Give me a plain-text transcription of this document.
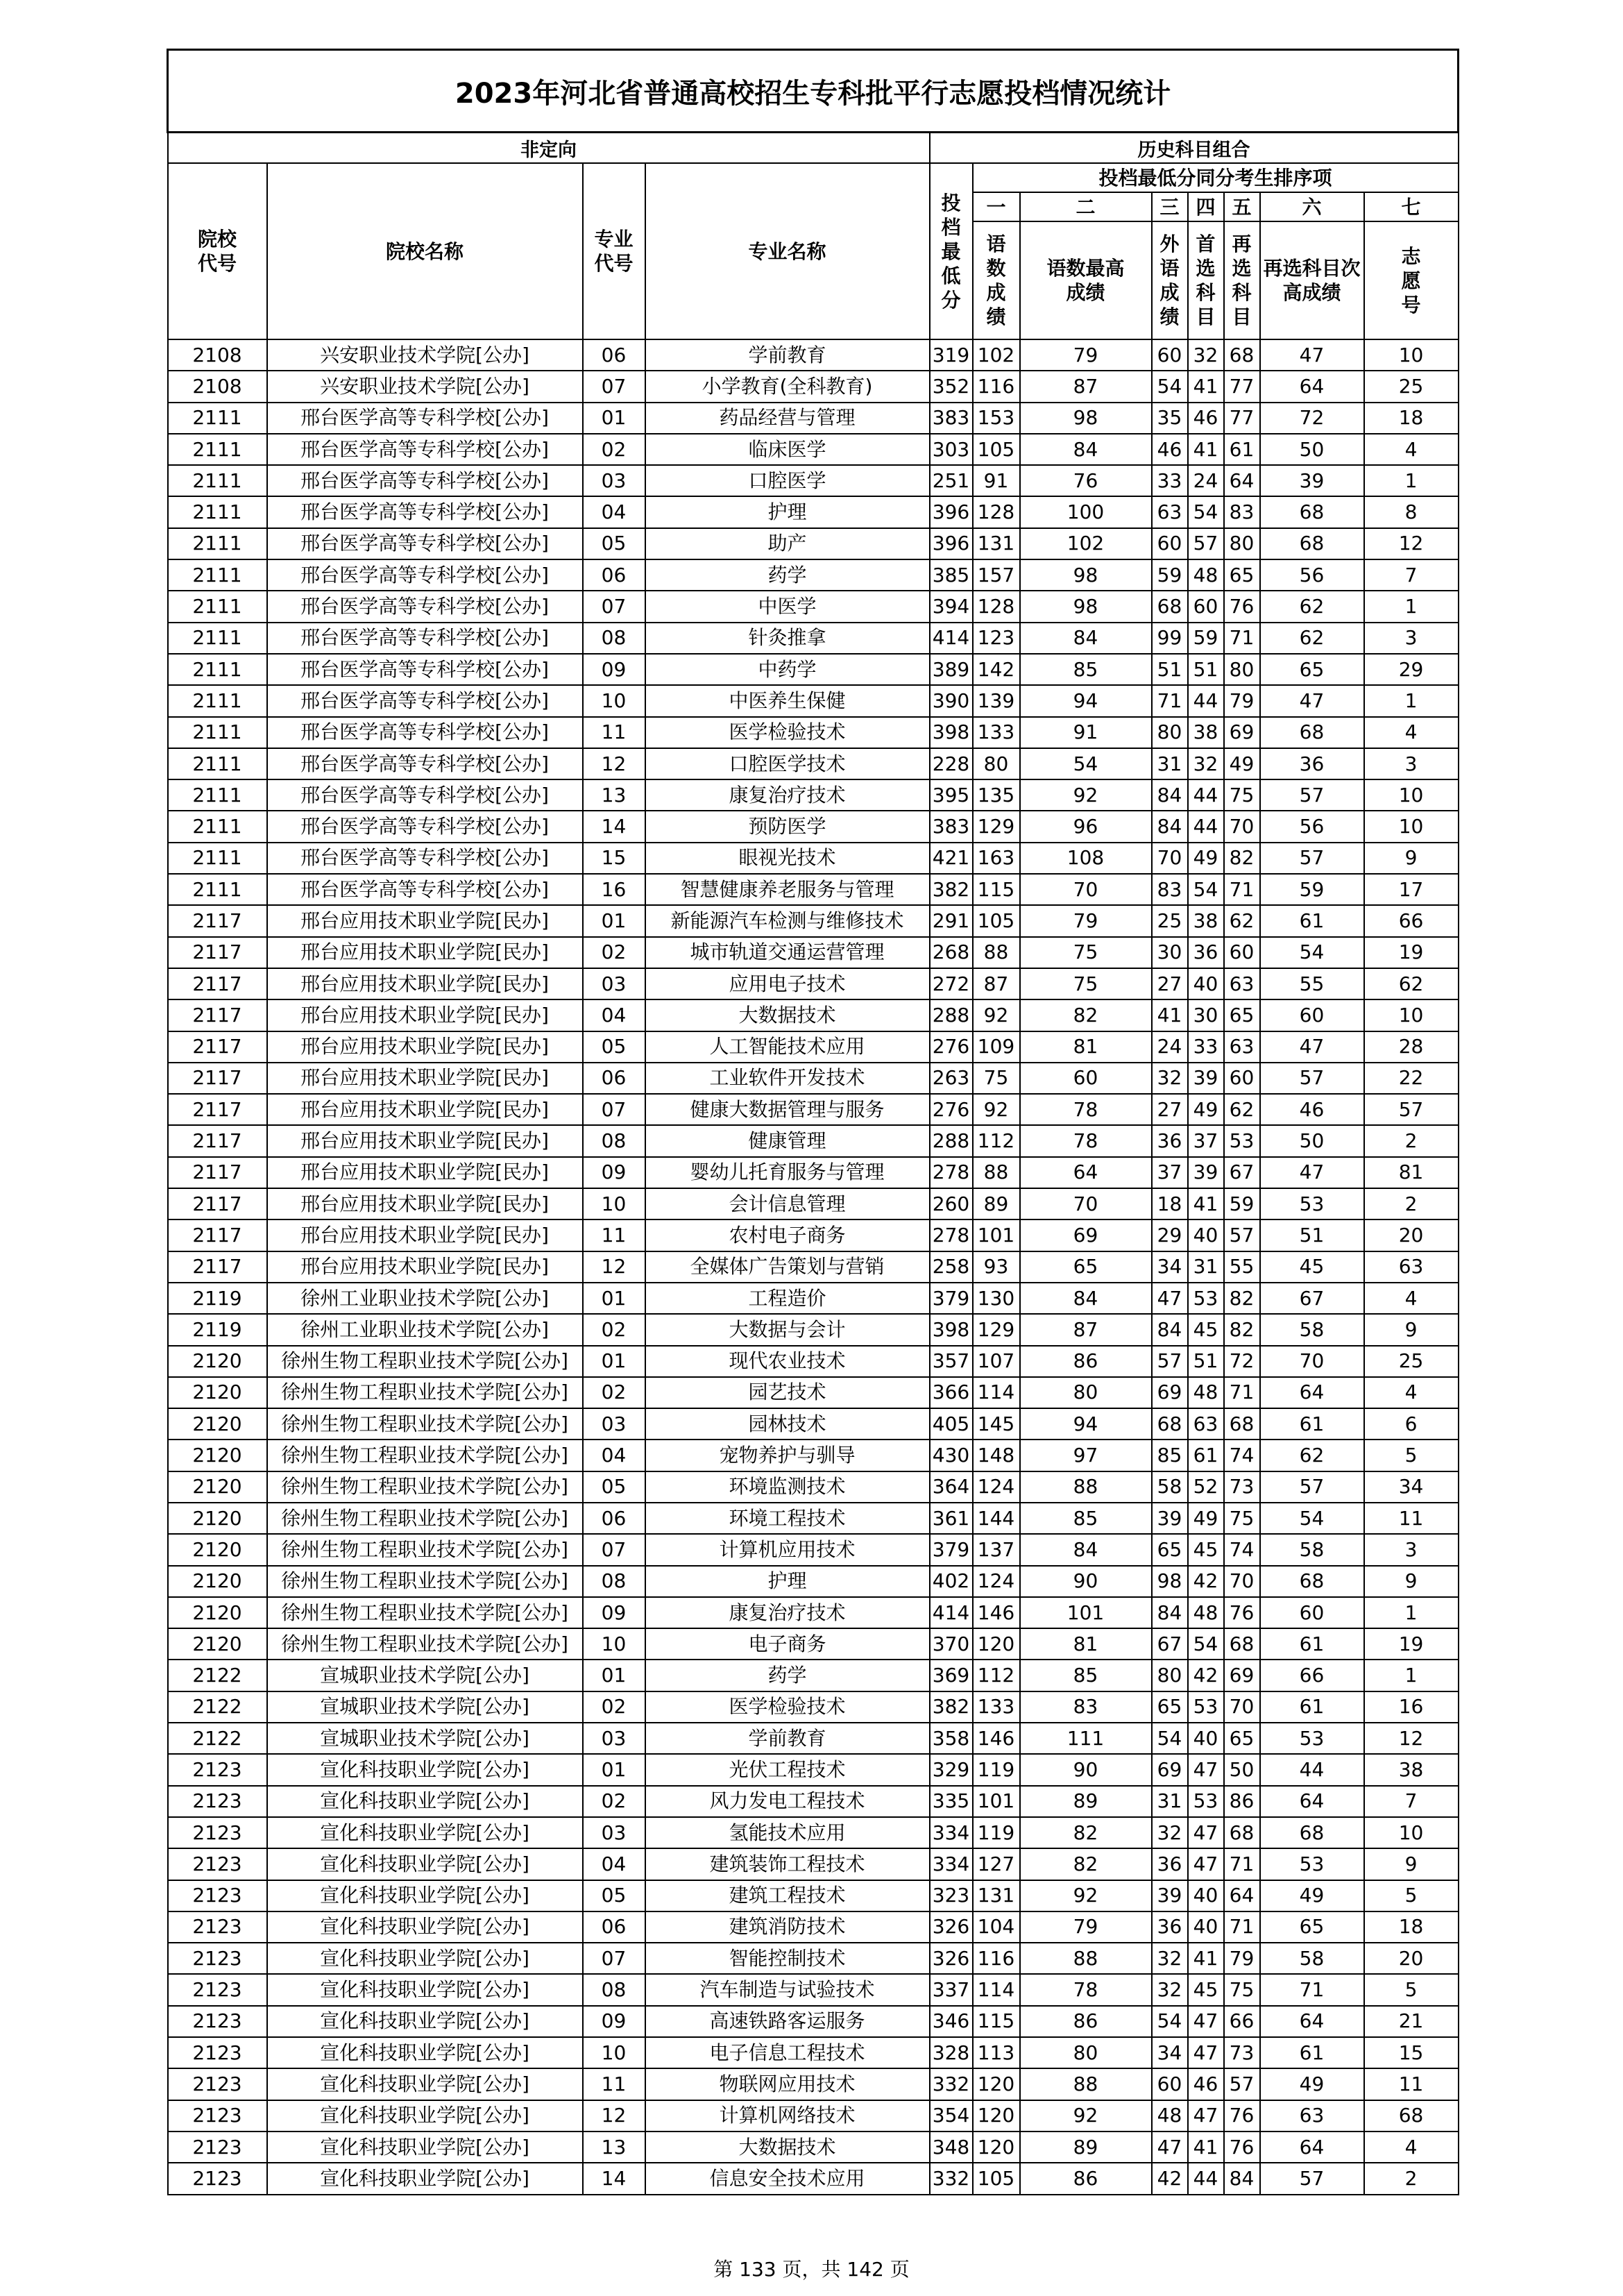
2023年河北省普通高校招生专科批平行志愿投档情况统计											
非定向				历史科目组合							

院校代号	院校名称	专业代号	专业名称	投档最低分	投档最低分同分考生排序项						
					一	二	三	四	五	六	七

					语数成绩	语数最高成绩	外语成绩	首选科目	再选科目	再选科目次高成绩	志愿号

2108	兴安职业技术学院[公办]	06	学前教育	319	102	79	60	32	68	47	10
2108	兴安职业技术学院[公办]	07	小学教育(全科教育)	352	116	87	54	41	77	64	25
2111	邢台医学高等专科学校[公办]	01	药品经营与管理	383	153	98	35	46	77	72	18
2111	邢台医学高等专科学校[公办]	02	临床医学	303	105	84	46	41	61	50	4
2111	邢台医学高等专科学校[公办]	03	口腔医学	251	91	76	33	24	64	39	1
2111	邢台医学高等专科学校[公办]	04	护理	396	128	100	63	54	83	68	8
2111	邢台医学高等专科学校[公办]	05	助产	396	131	102	60	57	80	68	12
2111	邢台医学高等专科学校[公办]	06	药学	385	157	98	59	48	65	56	7
2111	邢台医学高等专科学校[公办]	07	中医学	394	128	98	68	60	76	62	1
2111	邢台医学高等专科学校[公办]	08	针灸推拿	414	123	84	99	59	71	62	3
2111	邢台医学高等专科学校[公办]	09	中药学	389	142	85	51	51	80	65	29
2111	邢台医学高等专科学校[公办]	10	中医养生保健	390	139	94	71	44	79	47	1
2111	邢台医学高等专科学校[公办]	11	医学检验技术	398	133	91	80	38	69	68	4
2111	邢台医学高等专科学校[公办]	12	口腔医学技术	228	80	54	31	32	49	36	3
2111	邢台医学高等专科学校[公办]	13	康复治疗技术	395	135	92	84	44	75	57	10
2111	邢台医学高等专科学校[公办]	14	预防医学	383	129	96	84	44	70	56	10
2111	邢台医学高等专科学校[公办]	15	眼视光技术	421	163	108	70	49	82	57	9
2111	邢台医学高等专科学校[公办]	16	智慧健康养老服务与管理	382	115	70	83	54	71	59	17
2117	邢台应用技术职业学院[民办]	01	新能源汽车检测与维修技术	291	105	79	25	38	62	61	66
2117	邢台应用技术职业学院[民办]	02	城市轨道交通运营管理	268	88	75	30	36	60	54	19
2117	邢台应用技术职业学院[民办]	03	应用电子技术	272	87	75	27	40	63	55	62
2117	邢台应用技术职业学院[民办]	04	大数据技术	288	92	82	41	30	65	60	10
2117	邢台应用技术职业学院[民办]	05	人工智能技术应用	276	109	81	24	33	63	47	28
2117	邢台应用技术职业学院[民办]	06	工业软件开发技术	263	75	60	32	39	60	57	22
2117	邢台应用技术职业学院[民办]	07	健康大数据管理与服务	276	92	78	27	49	62	46	57
2117	邢台应用技术职业学院[民办]	08	健康管理	288	112	78	36	37	53	50	2
2117	邢台应用技术职业学院[民办]	09	婴幼儿托育服务与管理	278	88	64	37	39	67	47	81
2117	邢台应用技术职业学院[民办]	10	会计信息管理	260	89	70	18	41	59	53	2
2117	邢台应用技术职业学院[民办]	11	农村电子商务	278	101	69	29	40	57	51	20
2117	邢台应用技术职业学院[民办]	12	全媒体广告策划与营销	258	93	65	34	31	55	45	63
2119	徐州工业职业技术学院[公办]	01	工程造价	379	130	84	47	53	82	67	4
2119	徐州工业职业技术学院[公办]	02	大数据与会计	398	129	87	84	45	82	58	9
2120	徐州生物工程职业技术学院[公办]	01	现代农业技术	357	107	86	57	51	72	70	25
2120	徐州生物工程职业技术学院[公办]	02	园艺技术	366	114	80	69	48	71	64	4
2120	徐州生物工程职业技术学院[公办]	03	园林技术	405	145	94	68	63	68	61	6
2120	徐州生物工程职业技术学院[公办]	04	宠物养护与驯导	430	148	97	85	61	74	62	5
2120	徐州生物工程职业技术学院[公办]	05	环境监测技术	364	124	88	58	52	73	57	34
2120	徐州生物工程职业技术学院[公办]	06	环境工程技术	361	144	85	39	49	75	54	11
2120	徐州生物工程职业技术学院[公办]	07	计算机应用技术	379	137	84	65	45	74	58	3
2120	徐州生物工程职业技术学院[公办]	08	护理	402	124	90	98	42	70	68	9
2120	徐州生物工程职业技术学院[公办]	09	康复治疗技术	414	146	101	84	48	76	60	1
2120	徐州生物工程职业技术学院[公办]	10	电子商务	370	120	81	67	54	68	61	19
2122	宣城职业技术学院[公办]	01	药学	369	112	85	80	42	69	66	1
2122	宣城职业技术学院[公办]	02	医学检验技术	382	133	83	65	53	70	61	16
2122	宣城职业技术学院[公办]	03	学前教育	358	146	111	54	40	65	53	12
2123	宣化科技职业学院[公办]	01	光伏工程技术	329	119	90	69	47	50	44	38
2123	宣化科技职业学院[公办]	02	风力发电工程技术	335	101	89	31	53	86	64	7
2123	宣化科技职业学院[公办]	03	氢能技术应用	334	119	82	32	47	68	68	10
2123	宣化科技职业学院[公办]	04	建筑装饰工程技术	334	127	82	36	47	71	53	9
2123	宣化科技职业学院[公办]	05	建筑工程技术	323	131	92	39	40	64	49	5
2123	宣化科技职业学院[公办]	06	建筑消防技术	326	104	79	36	40	71	65	18
2123	宣化科技职业学院[公办]	07	智能控制技术	326	116	88	32	41	79	58	20
2123	宣化科技职业学院[公办]	08	汽车制造与试验技术	337	114	78	32	45	75	71	5
2123	宣化科技职业学院[公办]	09	高速铁路客运服务	346	115	86	54	47	66	64	21
2123	宣化科技职业学院[公办]	10	电子信息工程技术	328	113	80	34	47	73	61	15
2123	宣化科技职业学院[公办]	11	物联网应用技术	332	120	88	60	46	57	49	11
2123	宣化科技职业学院[公办]	12	计算机网络技术	354	120	92	48	47	76	63	68
2123	宣化科技职业学院[公办]	13	大数据技术	348	120	89	47	41	76	64	4
2123	宣化科技职业学院[公办]	14	信息安全技术应用	332	105	86	42	44	84	57	2
第 133 页，共 142 页
